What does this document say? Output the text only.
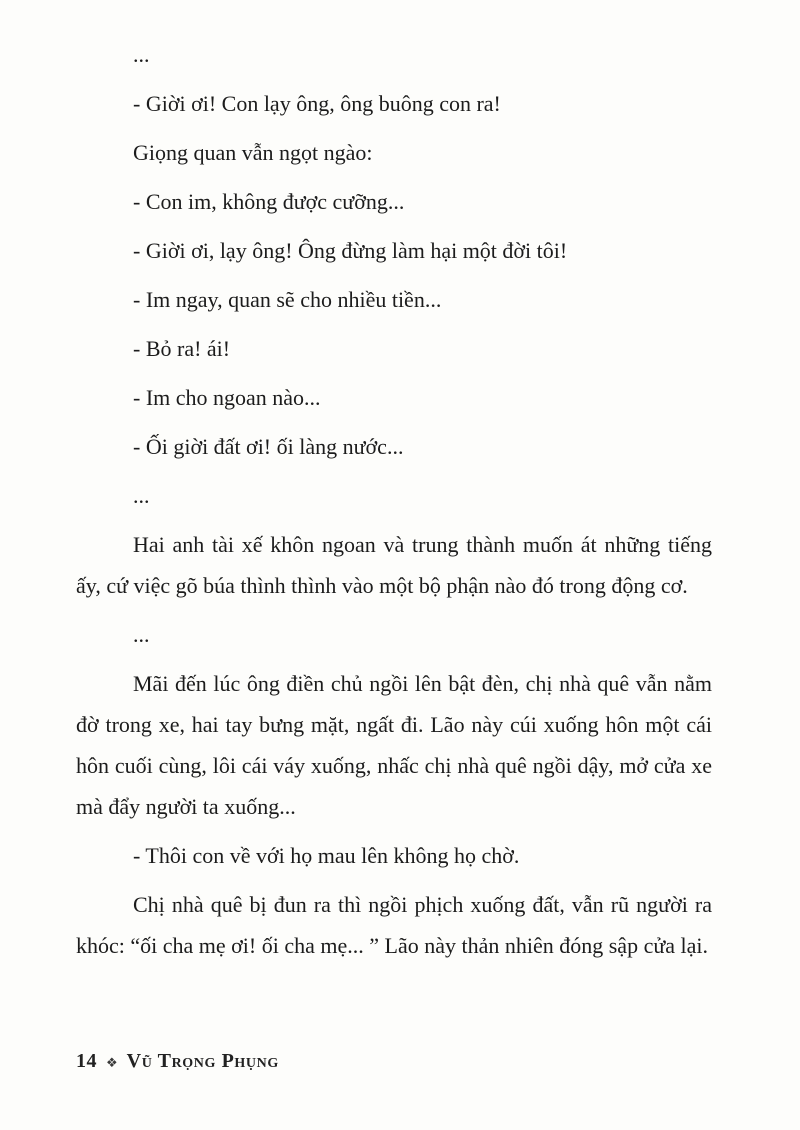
...

- Giời ơi! Con lạy ông, ông buông con ra!

Giọng quan vẫn ngọt ngào:

- Con im, không được cưỡng...

- Giời ơi, lạy ông! Ông đừng làm hại một đời tôi!

- Im ngay, quan sẽ cho nhiều tiền...

- Bỏ ra! ái!

- Im cho ngoan nào...

- Ối giời đất ơi! ối làng nước...

...

Hai anh tài xế khôn ngoan và trung thành muốn át những tiếng ấy, cứ việc gõ búa thình thình vào một bộ phận nào đó trong động cơ.

...

Mãi đến lúc ông điền chủ ngồi lên bật đèn, chị nhà quê vẫn nằm đờ trong xe, hai tay bưng mặt, ngất đi. Lão này cúi xuống hôn một cái hôn cuối cùng, lôi cái váy xuống, nhấc chị nhà quê ngồi dậy, mở cửa xe mà đẩy người ta xuống...

- Thôi con về với họ mau lên không họ chờ.

Chị nhà quê bị đun ra thì ngồi phịch xuống đất, vẫn rũ người ra khóc: “ối cha mẹ ơi! ối cha mẹ... ” Lão này thản nhiên đóng sập cửa lại.

14 ❖ Vũ Trọng Phụng
